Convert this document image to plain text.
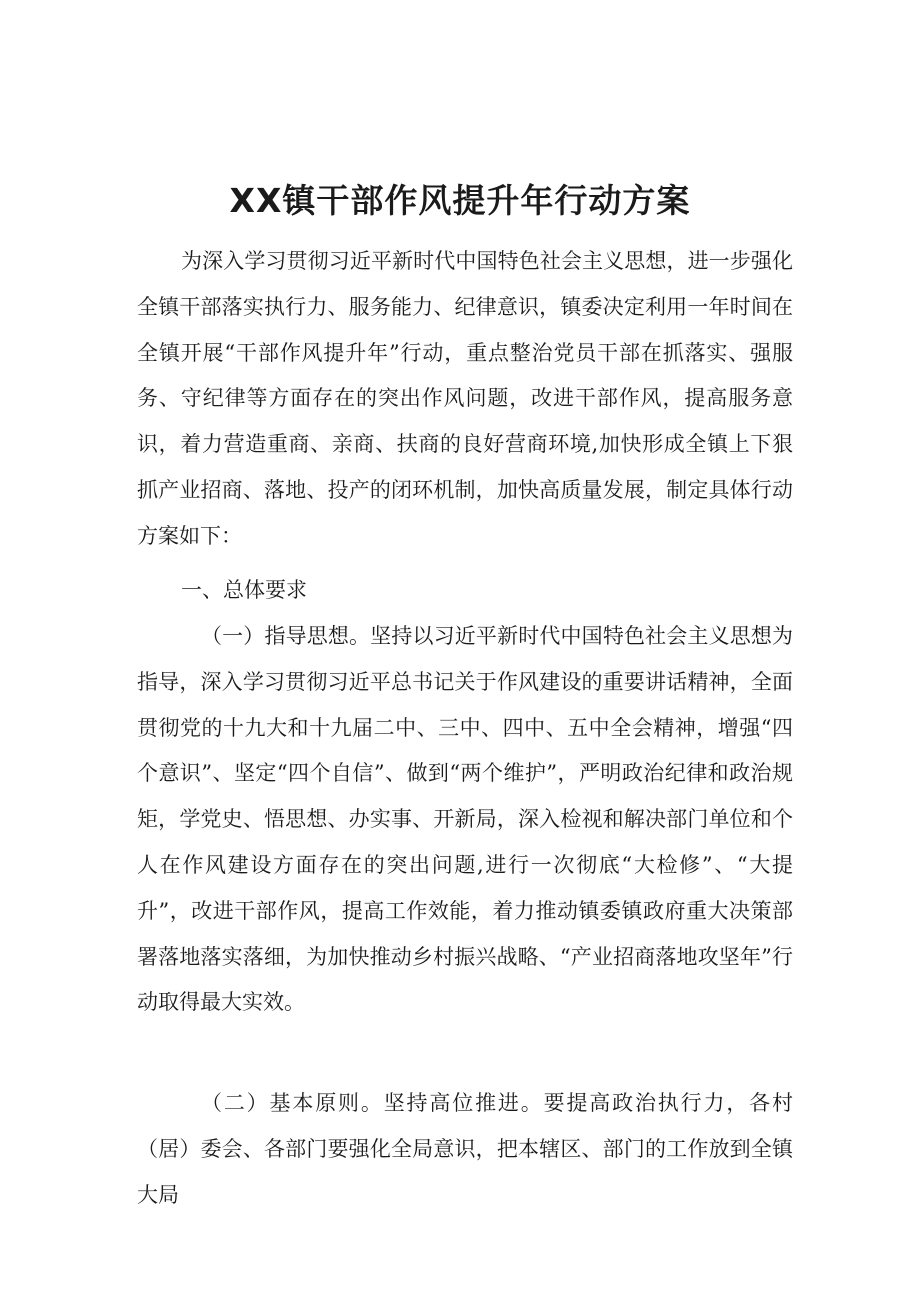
XX镇干部作风提升年行动方案

为深入学习贯彻习近平新时代中国特色社会主义思想，进一步强化全镇干部落实执行力、服务能力、纪律意识，镇委决定利用一年时间在全镇开展“干部作风提升年”行动，重点整治党员干部在抓落实、强服务、守纪律等方面存在的突出作风问题，改进干部作风，提高服务意识，着力营造重商、亲商、扶商的良好营商环境,加快形成全镇上下狠抓产业招商、落地、投产的闭环机制，加快高质量发展，制定具体行动方案如下：

一、总体要求

（一）指导思想。坚持以习近平新时代中国特色社会主义思想为指导，深入学习贯彻习近平总书记关于作风建设的重要讲话精神，全面贯彻党的十九大和十九届二中、三中、四中、五中全会精神，增强“四个意识”、坚定“四个自信”、做到“两个维护”，严明政治纪律和政治规矩，学党史、悟思想、办实事、开新局，深入检视和解决部门单位和个人在作风建设方面存在的突出问题,进行一次彻底“大检修”、“大提升”，改进干部作风，提高工作效能，着力推动镇委镇政府重大决策部署落地落实落细，为加快推动乡村振兴战略、“产业招商落地攻坚年”行动取得最大实效。

（二）基本原则。坚持高位推进。要提高政治执行力，各村（居）委会、各部门要强化全局意识，把本辖区、部门的工作放到全镇大局
